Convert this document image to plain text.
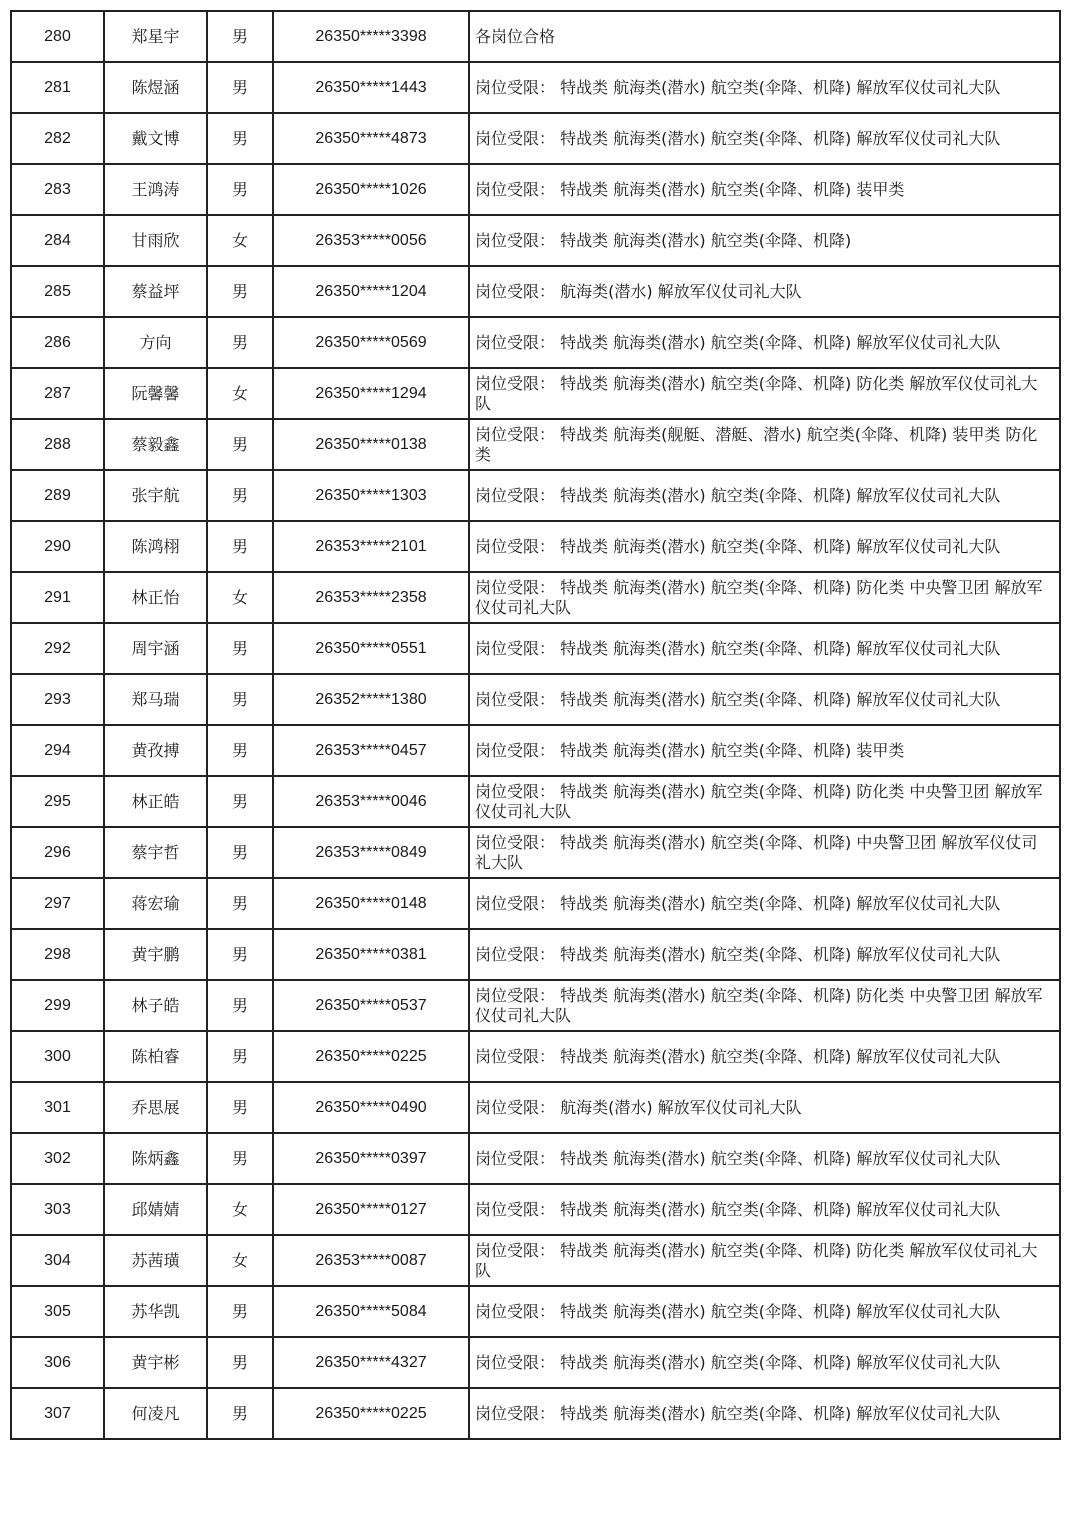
280	郑星宇	男	26350*****3398	各岗位合格
281	陈煜涵	男	26350*****1443	岗位受限： 特战类 航海类(潜水) 航空类(伞降、机降) 解放军仪仗司礼大队
282	戴文博	男	26350*****4873	岗位受限： 特战类 航海类(潜水) 航空类(伞降、机降) 解放军仪仗司礼大队
283	王鸿涛	男	26350*****1026	岗位受限： 特战类 航海类(潜水) 航空类(伞降、机降) 装甲类
284	甘雨欣	女	26353*****0056	岗位受限： 特战类 航海类(潜水) 航空类(伞降、机降)
285	蔡益坪	男	26350*****1204	岗位受限： 航海类(潜水) 解放军仪仗司礼大队
286	方向	男	26350*****0569	岗位受限： 特战类 航海类(潜水) 航空类(伞降、机降) 解放军仪仗司礼大队
287	阮馨馨	女	26350*****1294	岗位受限： 特战类 航海类(潜水) 航空类(伞降、机降) 防化类 解放军仪仗司礼大队
288	蔡毅鑫	男	26350*****0138	岗位受限： 特战类 航海类(舰艇、潜艇、潜水) 航空类(伞降、机降) 装甲类 防化类
289	张宇航	男	26350*****1303	岗位受限： 特战类 航海类(潜水) 航空类(伞降、机降) 解放军仪仗司礼大队
290	陈鸿栩	男	26353*****2101	岗位受限： 特战类 航海类(潜水) 航空类(伞降、机降) 解放军仪仗司礼大队
291	林正怡	女	26353*****2358	岗位受限： 特战类 航海类(潜水) 航空类(伞降、机降) 防化类 中央警卫团 解放军仪仗司礼大队
292	周宇涵	男	26350*****0551	岗位受限： 特战类 航海类(潜水) 航空类(伞降、机降) 解放军仪仗司礼大队
293	郑马瑞	男	26352*****1380	岗位受限： 特战类 航海类(潜水) 航空类(伞降、机降) 解放军仪仗司礼大队
294	黄孜搏	男	26353*****0457	岗位受限： 特战类 航海类(潜水) 航空类(伞降、机降) 装甲类
295	林正皓	男	26353*****0046	岗位受限： 特战类 航海类(潜水) 航空类(伞降、机降) 防化类 中央警卫团 解放军仪仗司礼大队
296	蔡宇哲	男	26353*****0849	岗位受限： 特战类 航海类(潜水) 航空类(伞降、机降) 中央警卫团 解放军仪仗司礼大队
297	蒋宏瑜	男	26350*****0148	岗位受限： 特战类 航海类(潜水) 航空类(伞降、机降) 解放军仪仗司礼大队
298	黄宇鹏	男	26350*****0381	岗位受限： 特战类 航海类(潜水) 航空类(伞降、机降) 解放军仪仗司礼大队
299	林子皓	男	26350*****0537	岗位受限： 特战类 航海类(潜水) 航空类(伞降、机降) 防化类 中央警卫团 解放军仪仗司礼大队
300	陈柏睿	男	26350*****0225	岗位受限： 特战类 航海类(潜水) 航空类(伞降、机降) 解放军仪仗司礼大队
301	乔思展	男	26350*****0490	岗位受限： 航海类(潜水) 解放军仪仗司礼大队
302	陈炳鑫	男	26350*****0397	岗位受限： 特战类 航海类(潜水) 航空类(伞降、机降) 解放军仪仗司礼大队
303	邱婧婧	女	26350*****0127	岗位受限： 特战类 航海类(潜水) 航空类(伞降、机降) 解放军仪仗司礼大队
304	苏茜璜	女	26353*****0087	岗位受限： 特战类 航海类(潜水) 航空类(伞降、机降) 防化类 解放军仪仗司礼大队
305	苏华凯	男	26350*****5084	岗位受限： 特战类 航海类(潜水) 航空类(伞降、机降) 解放军仪仗司礼大队
306	黄宇彬	男	26350*****4327	岗位受限： 特战类 航海类(潜水) 航空类(伞降、机降) 解放军仪仗司礼大队
307	何凌凡	男	26350*****0225	岗位受限： 特战类 航海类(潜水) 航空类(伞降、机降) 解放军仪仗司礼大队
